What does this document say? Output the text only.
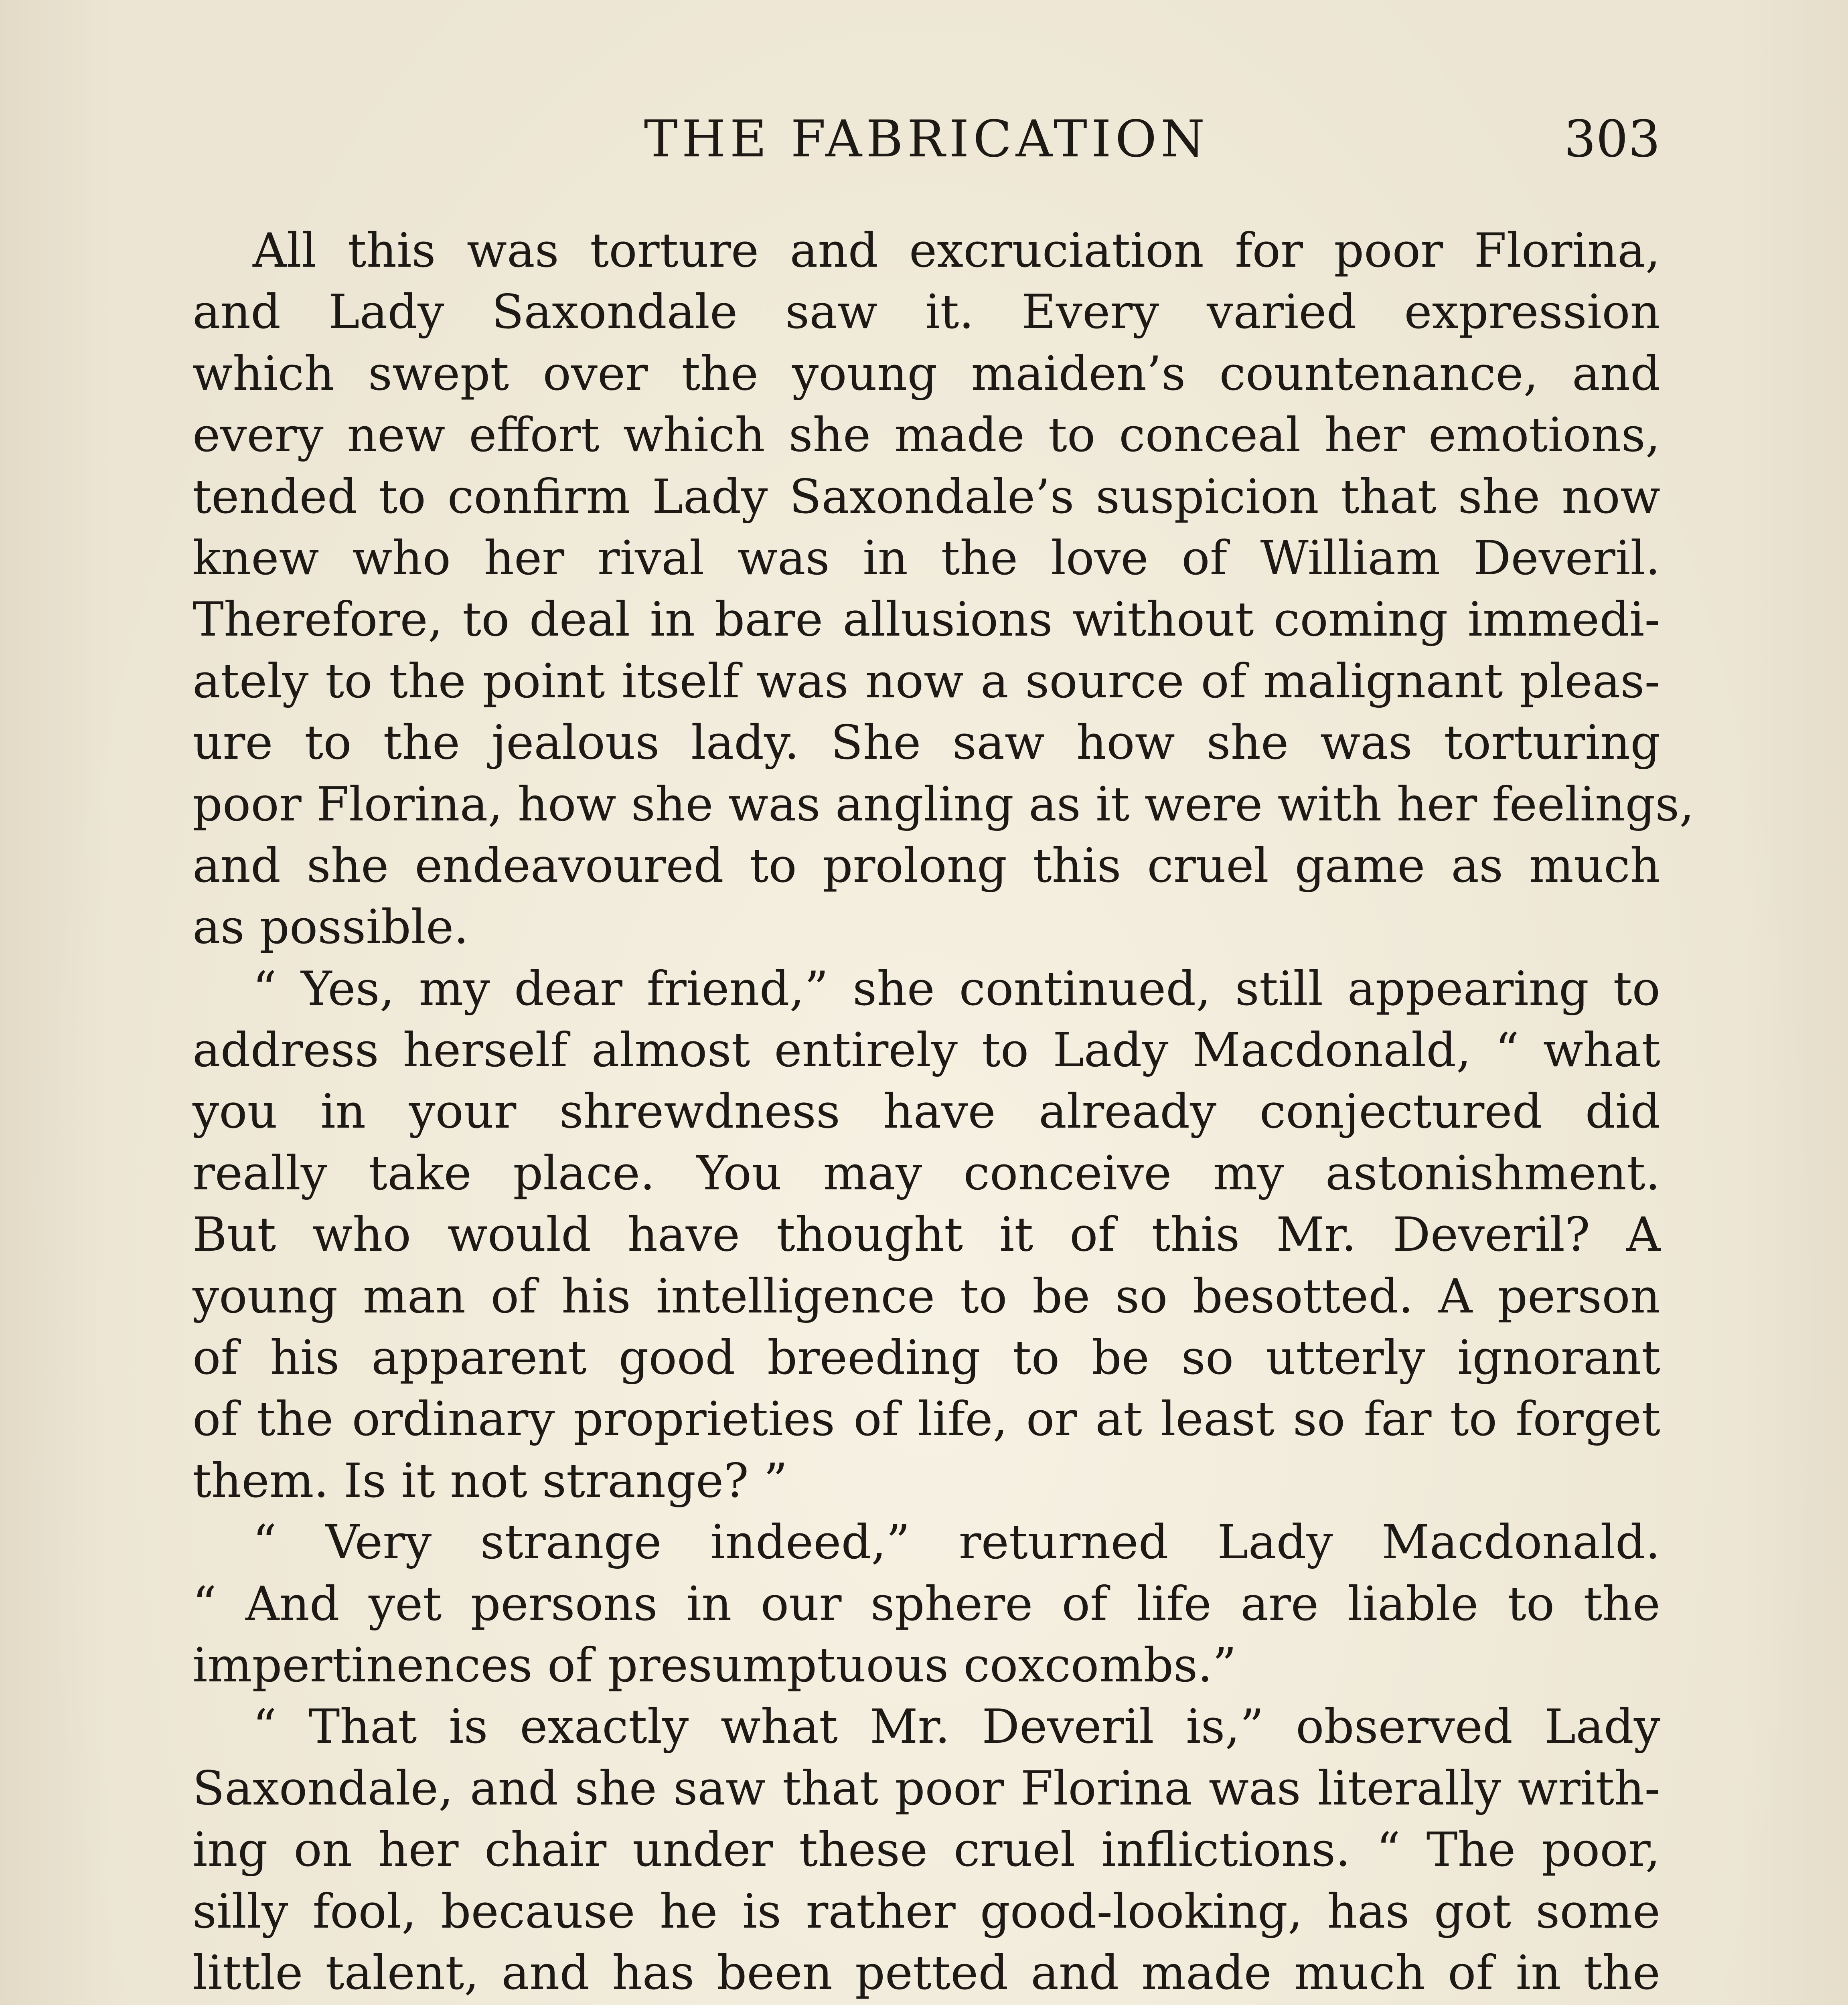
THE FABRICATION	303
All this was torture and excruciation for poor Florina,
and Lady Saxondale saw it. Every varied expression
which swept over the young maiden’s countenance, and
every new effort which she made to conceal her emotions,
tended to confirm Lady Saxondale’s suspicion that she now
knew who her rival was in the love of William Deveril.
Therefore, to deal in bare allusions without coming immedi-
ately to the point itself was now a source of malignant pleas-
ure to the jealous lady. She saw how she was torturing
poor Florina, how she was angling as it were with her feelings,
and she endeavoured to prolong this cruel game as much
as possible.
“ Yes, my dear friend,” she continued, still appearing to
address herself almost entirely to Lady Macdonald, “ what
you in your shrewdness have already conjectured did
really take place. You may conceive my astonishment.
But who would have thought it of this Mr. Deveril? A
young man of his intelligence to be so besotted. A person
of his apparent good breeding to be so utterly ignorant
of the ordinary proprieties of life, or at least so far to forget
them. Is it not strange? ”
“ Very strange indeed,” returned Lady Macdonald.
“ And yet persons in our sphere of life are liable to the
impertinences of presumptuous coxcombs.”
“ That is exactly what Mr. Deveril is,” observed Lady
Saxondale, and she saw that poor Florina was literally writh-
ing on her chair under these cruel inflictions. “ The poor,
silly fool, because he is rather good-looking, has got some
little talent, and has been petted and made much of in the
